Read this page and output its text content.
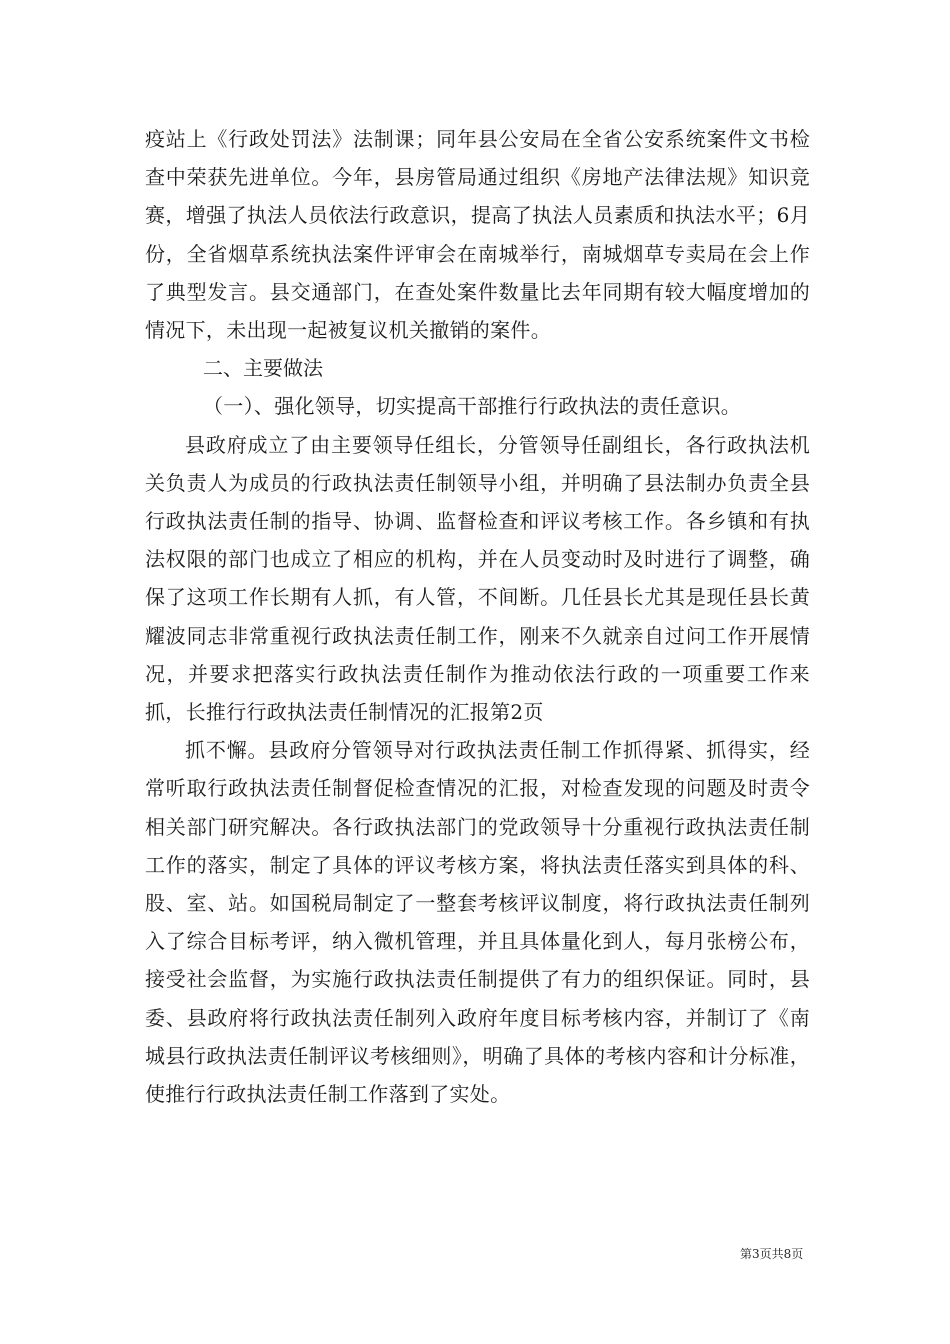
疫站上《行政处罚法》法制课；同年县公安局在全省公安系统案件文书检查中荣获先进单位。今年，县房管局通过组织《房地产法律法规》知识竞赛，增强了执法人员依法行政意识，提高了执法人员素质和执法水平；6月份，全省烟草系统执法案件评审会在南城举行，南城烟草专卖局在会上作了典型发言。县交通部门，在查处案件数量比去年同期有较大幅度增加的情况下，未出现一起被复议机关撤销的案件。

二、主要做法

（一）、强化领导，切实提高干部推行行政执法的责任意识。

县政府成立了由主要领导任组长，分管领导任副组长，各行政执法机关负责人为成员的行政执法责任制领导小组，并明确了县法制办负责全县行政执法责任制的指导、协调、监督检查和评议考核工作。各乡镇和有执法权限的部门也成立了相应的机构，并在人员变动时及时进行了调整，确保了这项工作长期有人抓，有人管，不间断。几任县长尤其是现任县长黄耀波同志非常重视行政执法责任制工作，刚来不久就亲自过问工作开展情况，并要求把落实行政执法责任制作为推动依法行政的一项重要工作来抓，长推行行政执法责任制情况的汇报第2页

抓不懈。县政府分管领导对行政执法责任制工作抓得紧、抓得实，经常听取行政执法责任制督促检查情况的汇报，对检查发现的问题及时责令相关部门研究解决。各行政执法部门的党政领导十分重视行政执法责任制工作的落实，制定了具体的评议考核方案，将执法责任落实到具体的科、股、室、站。如国税局制定了一整套考核评议制度，将行政执法责任制列入了综合目标考评，纳入微机管理，并且具体量化到人，每月张榜公布，接受社会监督，为实施行政执法责任制提供了有力的组织保证。同时，县委、县政府将行政执法责任制列入政府年度目标考核内容，并制订了《南城县行政执法责任制评议考核细则》，明确了具体的考核内容和计分标准，使推行行政执法责任制工作落到了实处。

第3页共8页
